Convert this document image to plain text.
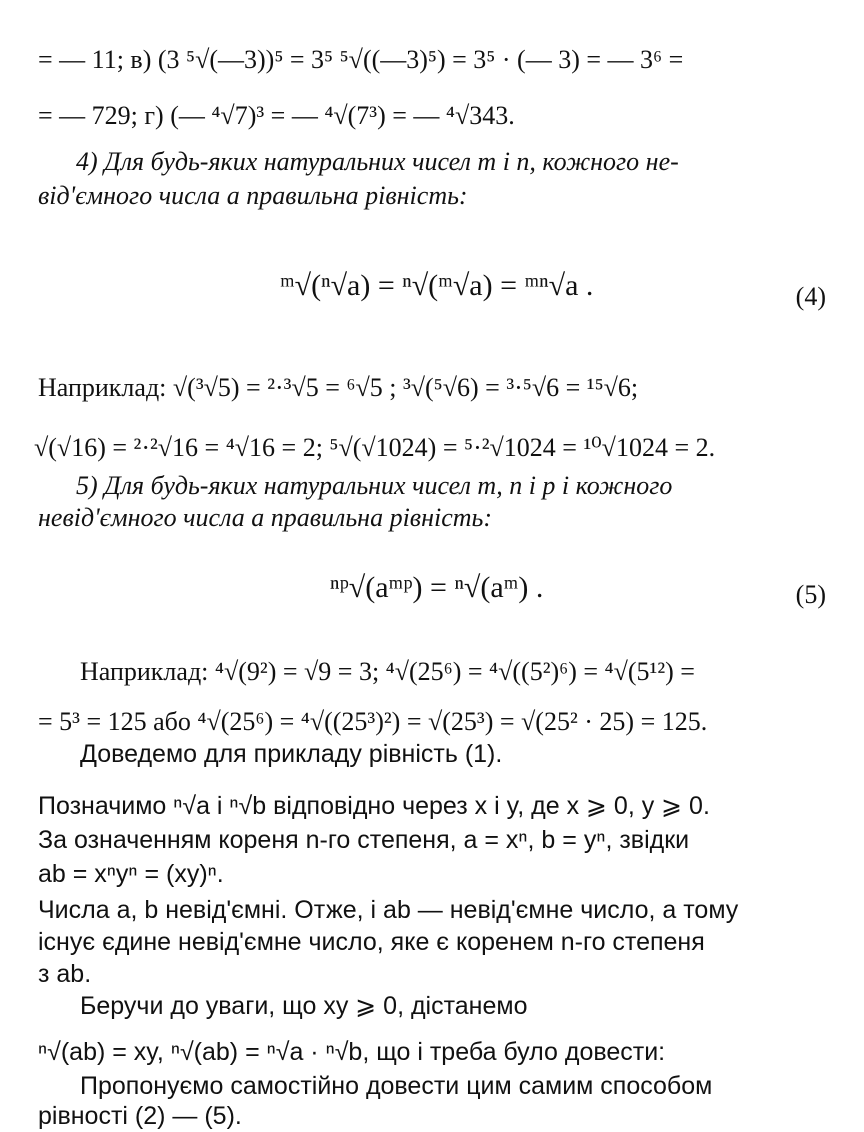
= — 11; в) (3 ⁵√(—3))⁵ = 3⁵ ⁵√((—3)⁵) = 3⁵ · (— 3) = — 3⁶ =
= — 729; г) (— ⁴√7)³ = — ⁴√(7³) = — ⁴√343.
4) Для будь-яких натуральних чисел m і n, кожного не-
від'ємного числа a правильна рівність:
ᵐ√(ⁿ√a) = ⁿ√(ᵐ√a) = ᵐⁿ√a .	(4)
Наприклад: √(³√5) = ²·³√5 = ⁶√5 ; ³√(⁵√6) = ³·⁵√6 = ¹⁵√6;
√(√16) = ²·²√16 = ⁴√16 = 2; ⁵√(√1024) = ⁵·²√1024 = ¹⁰√1024 = 2.
5) Для будь-яких натуральних чисел m, n і p і кожного
невід'ємного числа a правильна рівність:
ⁿᵖ√(aᵐᵖ) = ⁿ√(aᵐ) .	(5)
Наприклад: ⁴√(9²) = √9 = 3; ⁴√(25⁶) = ⁴√((5²)⁶) = ⁴√(5¹²) =
= 5³ = 125 або ⁴√(25⁶) = ⁴√((25³)²) = √(25³) = √(25² · 25) = 125.
Доведемо для прикладу рівність (1).
Позначимо ⁿ√a і ⁿ√b відповідно через x і y, де x ⩾ 0, y ⩾ 0.
За означенням кореня n-го степеня, a = xⁿ, b = yⁿ, звідки
ab = xⁿyⁿ = (xy)ⁿ.
Числа a, b невід'ємні. Отже, і ab — невід'ємне число, а тому
існує єдине невід'ємне число, яке є коренем n-го степеня
з ab.
Беручи до уваги, що xy ⩾ 0, дістанемо
ⁿ√(ab) = xy, ⁿ√(ab) = ⁿ√a · ⁿ√b, що і треба було довести:
Пропонуємо самостійно довести цим самим способом
рівності (2) — (5).
